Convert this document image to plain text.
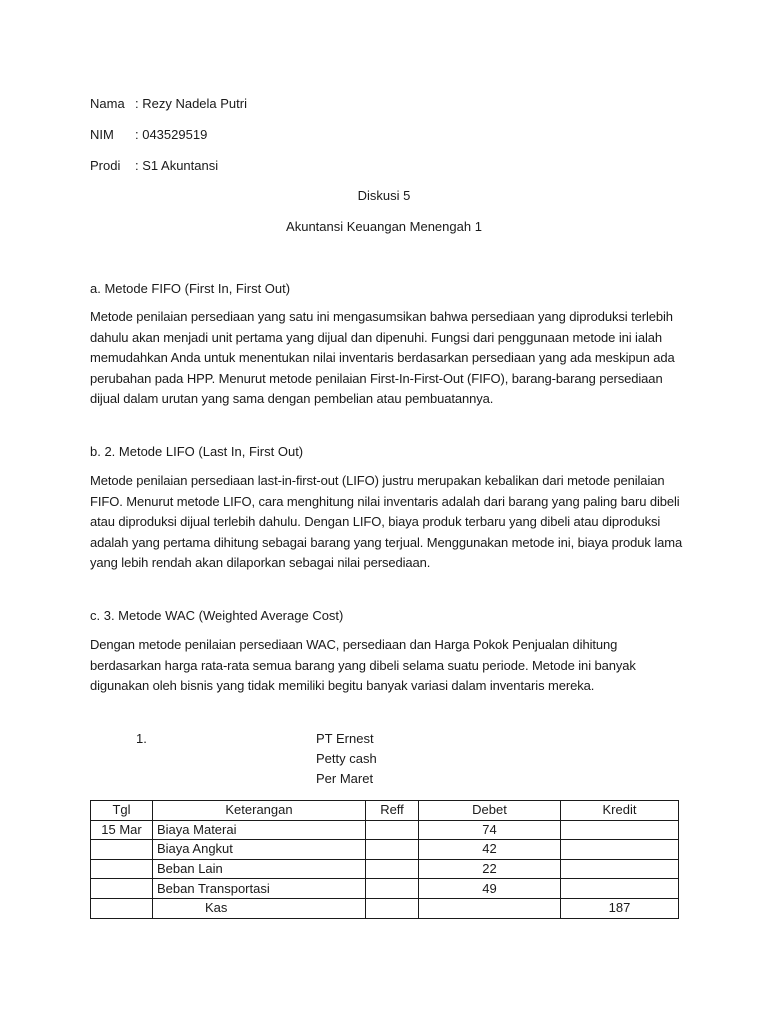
Nama : Rezy Nadela Putri
NIM : 043529519
Prodi : S1 Akuntansi
Diskusi 5
Akuntansi Keuangan Menengah 1
a. Metode FIFO (First In, First Out)
Metode penilaian persediaan yang satu ini mengasumsikan bahwa persediaan yang diproduksi terlebih dahulu akan menjadi unit pertama yang dijual dan dipenuhi. Fungsi dari penggunaan metode ini ialah memudahkan Anda untuk menentukan nilai inventaris berdasarkan persediaan yang ada meskipun ada perubahan pada HPP. Menurut metode penilaian First-In-First-Out (FIFO), barang-barang persediaan dijual dalam urutan yang sama dengan pembelian atau pembuatannya.
b. 2. Metode LIFO (Last In, First Out)
Metode penilaian persediaan last-in-first-out (LIFO) justru merupakan kebalikan dari metode penilaian FIFO. Menurut metode LIFO, cara menghitung nilai inventaris adalah dari barang yang paling baru dibeli atau diproduksi dijual terlebih dahulu. Dengan LIFO, biaya produk terbaru yang dibeli atau diproduksi adalah yang pertama dihitung sebagai barang yang terjual. Menggunakan metode ini, biaya produk lama yang lebih rendah akan dilaporkan sebagai nilai persediaan.
c. 3. Metode WAC (Weighted Average Cost)
Dengan metode penilaian persediaan WAC, persediaan dan Harga Pokok Penjualan dihitung berdasarkan harga rata-rata semua barang yang dibeli selama suatu periode. Metode ini banyak digunakan oleh bisnis yang tidak memiliki begitu banyak variasi dalam inventaris mereka.
1.	PT Ernest
Petty cash
Per Maret
Tgl	Keterangan	Reff	Debet	Kredit
15 Mar	Biaya Materai		74	
	Biaya Angkut		42	
	Beban Lain		22	
	Beban Transportasi		49	
	Kas			187
